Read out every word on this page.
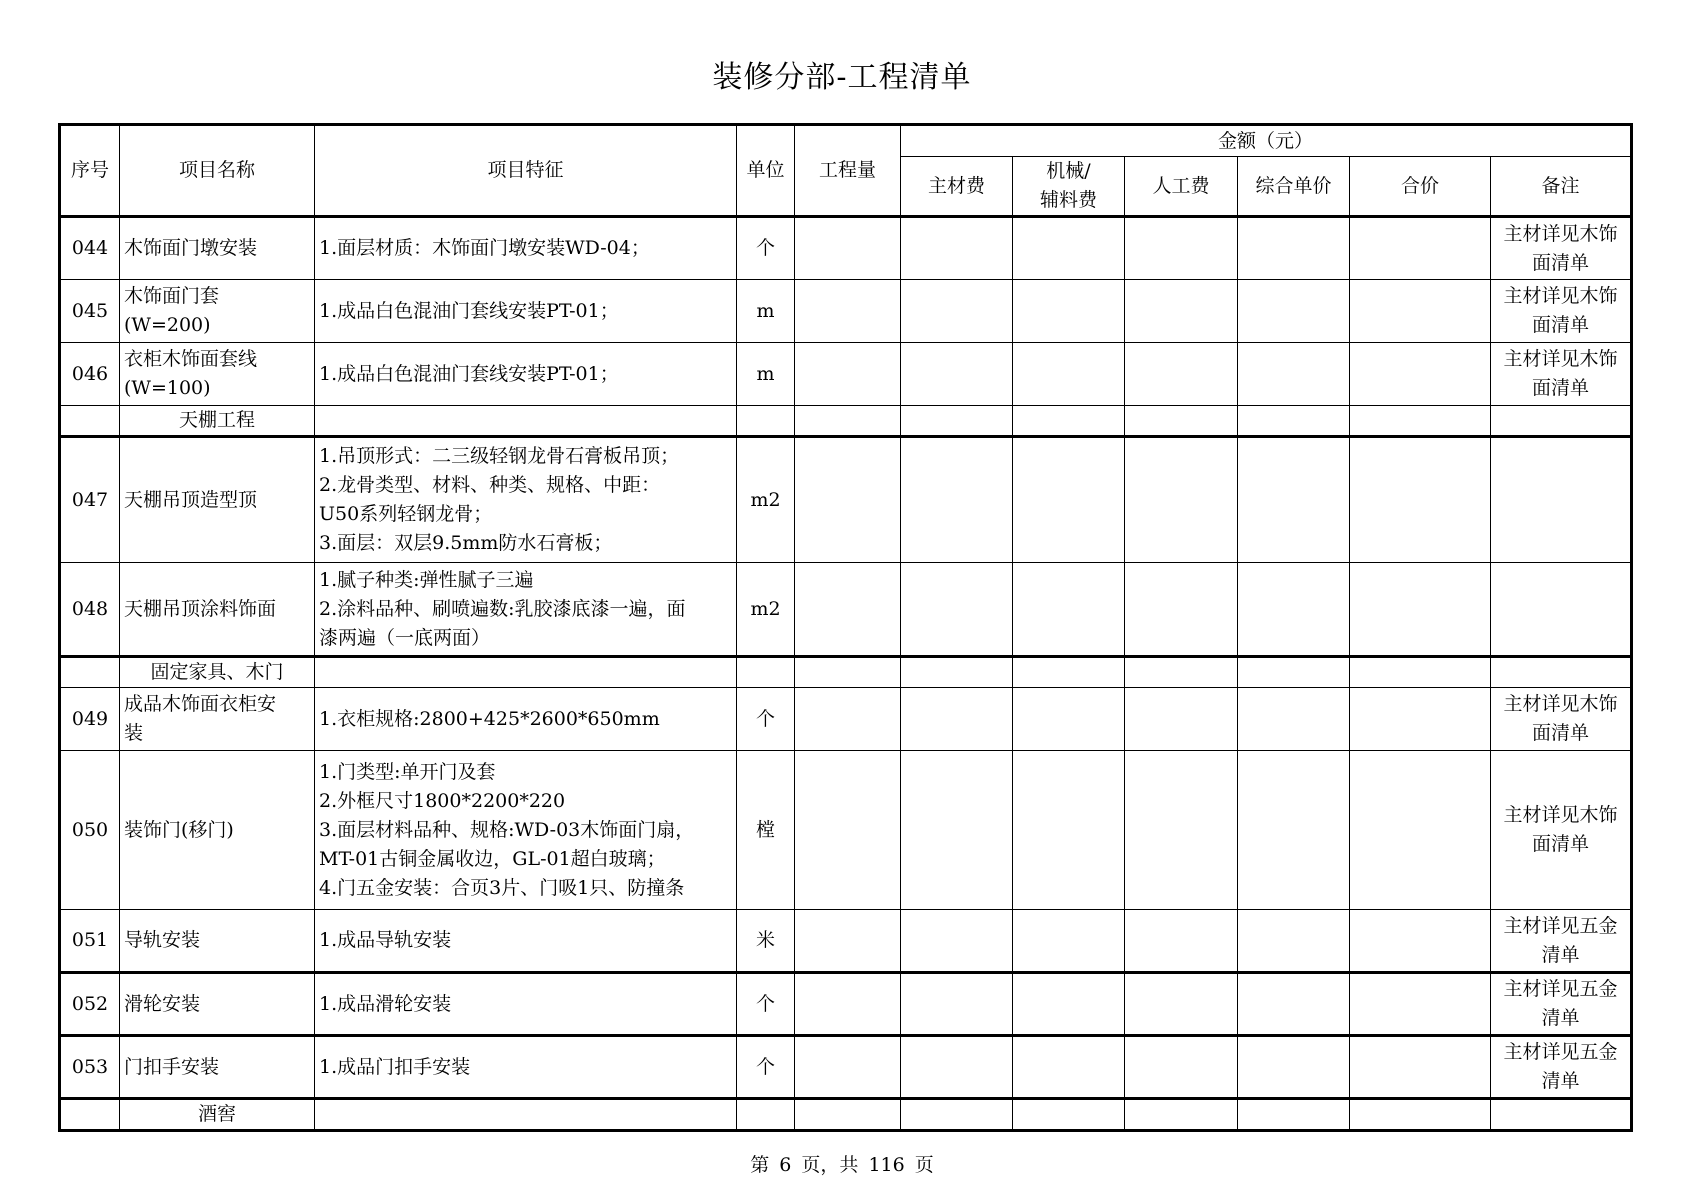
装修分部-工程清单
序号	项目名称	项目特征	单位	工程量	金额（元）					
					主材费	机械/
辅料费	人工费	综合单价	合价	备注
044	木饰面门墩安装	1.面层材质：木饰面门墩安装WD-04；	个							主材详见木饰
面清单

045	木饰面门套
(W=200)	1.成品白色混油门套线安装PT-01；	m							主材详见木饰
面清单

046	衣柜木饰面套线
(W=100)	1.成品白色混油门套线安装PT-01；	m							主材详见木饰
面清单

	天棚工程									
047	天棚吊顶造型顶	1.吊顶形式：二三级轻钢龙骨石膏板吊顶；
2.龙骨类型、材料、种类、规格、中距：
U50系列轻钢龙骨；
3.面层：双层9.5mm防水石膏板；	m2							
048	天棚吊顶涂料饰面	1.腻子种类:弹性腻子三遍
2.涂料品种、刷喷遍数:乳胶漆底漆一遍，面
漆两遍（一底两面）	m2							
	固定家具、木门									
049	成品木饰面衣柜安
装	1.衣柜规格:2800+425*2600*650mm	个							主材详见木饰
面清单

050	装饰门(移门)	1.门类型:单开门及套
2.外框尺寸1800*2200*220
3.面层材料品种、规格:WD-03木饰面门扇，
MT-01古铜金属收边，GL-01超白玻璃；
4.门五金安装：合页3片、门吸1只、防撞条	樘							主材详见木饰
面清单

051	导轨安装	1.成品导轨安装	米							主材详见五金
清单

052	滑轮安装	1.成品滑轮安装	个							主材详见五金
清单

053	门扣手安装	1.成品门扣手安装	个							主材详见五金
清单

	酒窖									
第 6 页，共 116 页
